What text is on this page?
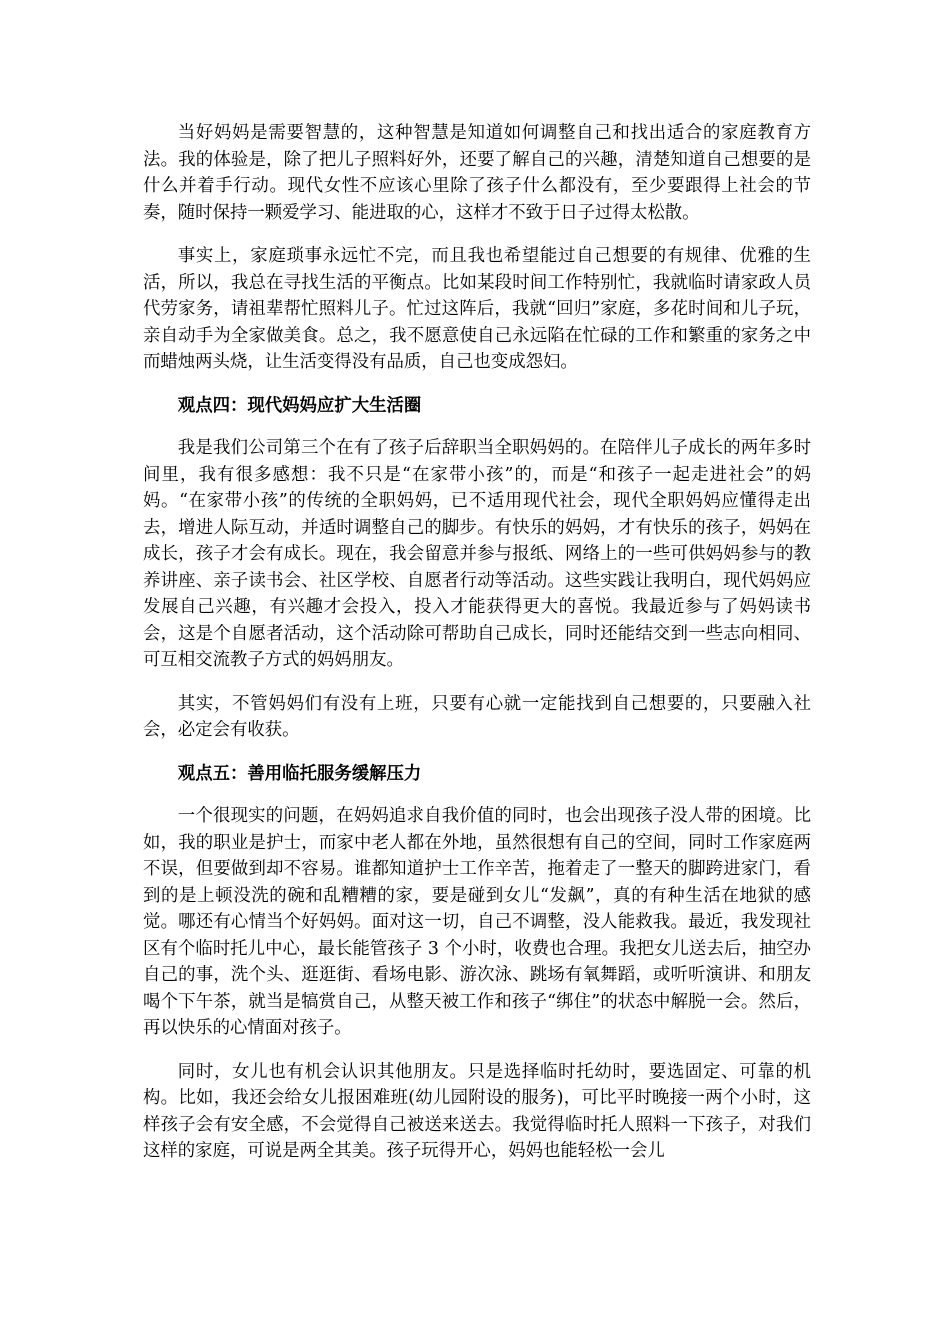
当好妈妈是需要智慧的，这种智慧是知道如何调整自己和找出适合的家庭教育方法。我的体验是，除了把儿子照料好外，还要了解自己的兴趣，清楚知道自己想要的是什么并着手行动。现代女性不应该心里除了孩子什么都没有，至少要跟得上社会的节奏，随时保持一颗爱学习、能进取的心，这样才不致于日子过得太松散。

事实上，家庭琐事永远忙不完，而且我也希望能过自己想要的有规律、优雅的生活，所以，我总在寻找生活的平衡点。比如某段时间工作特别忙，我就临时请家政人员代劳家务，请祖辈帮忙照料儿子。忙过这阵后，我就“回归”家庭，多花时间和儿子玩，亲自动手为全家做美食。总之，我不愿意使自己永远陷在忙碌的工作和繁重的家务之中而蜡烛两头烧，让生活变得没有品质，自己也变成怨妇。

观点四：现代妈妈应扩大生活圈

我是我们公司第三个在有了孩子后辞职当全职妈妈的。在陪伴儿子成长的两年多时间里，我有很多感想：我不只是“在家带小孩”的，而是“和孩子一起走进社会”的妈妈。“在家带小孩”的传统的全职妈妈，已不适用现代社会，现代全职妈妈应懂得走出去，增进人际互动，并适时调整自己的脚步。有快乐的妈妈，才有快乐的孩子，妈妈在成长，孩子才会有成长。现在，我会留意并参与报纸、网络上的一些可供妈妈参与的教养讲座、亲子读书会、社区学校、自愿者行动等活动。这些实践让我明白，现代妈妈应发展自己兴趣，有兴趣才会投入，投入才能获得更大的喜悦。我最近参与了妈妈读书会，这是个自愿者活动，这个活动除可帮助自己成长，同时还能结交到一些志向相同、可互相交流教子方式的妈妈朋友。

其实，不管妈妈们有没有上班，只要有心就一定能找到自己想要的，只要融入社会，必定会有收获。

观点五：善用临托服务缓解压力

一个很现实的问题，在妈妈追求自我价值的同时，也会出现孩子没人带的困境。比如，我的职业是护士，而家中老人都在外地，虽然很想有自己的空间，同时工作家庭两不误，但要做到却不容易。谁都知道护士工作辛苦，拖着走了一整天的脚跨进家门，看到的是上顿没洗的碗和乱糟糟的家，要是碰到女儿“发飙”，真的有种生活在地狱的感觉。哪还有心情当个好妈妈。面对这一切，自己不调整，没人能救我。最近，我发现社区有个临时托儿中心，最长能管孩子 3 个小时，收费也合理。我把女儿送去后，抽空办自己的事，洗个头、逛逛街、看场电影、游次泳、跳场有氧舞蹈，或听听演讲、和朋友喝个下午茶，就当是犒赏自己，从整天被工作和孩子“绑住”的状态中解脱一会。然后，再以快乐的心情面对孩子。

同时，女儿也有机会认识其他朋友。只是选择临时托幼时，要选固定、可靠的机构。比如，我还会给女儿报困难班(幼儿园附设的服务)，可比平时晚接一两个小时，这样孩子会有安全感，不会觉得自己被送来送去。我觉得临时托人照料一下孩子，对我们这样的家庭，可说是两全其美。孩子玩得开心，妈妈也能轻松一会儿
